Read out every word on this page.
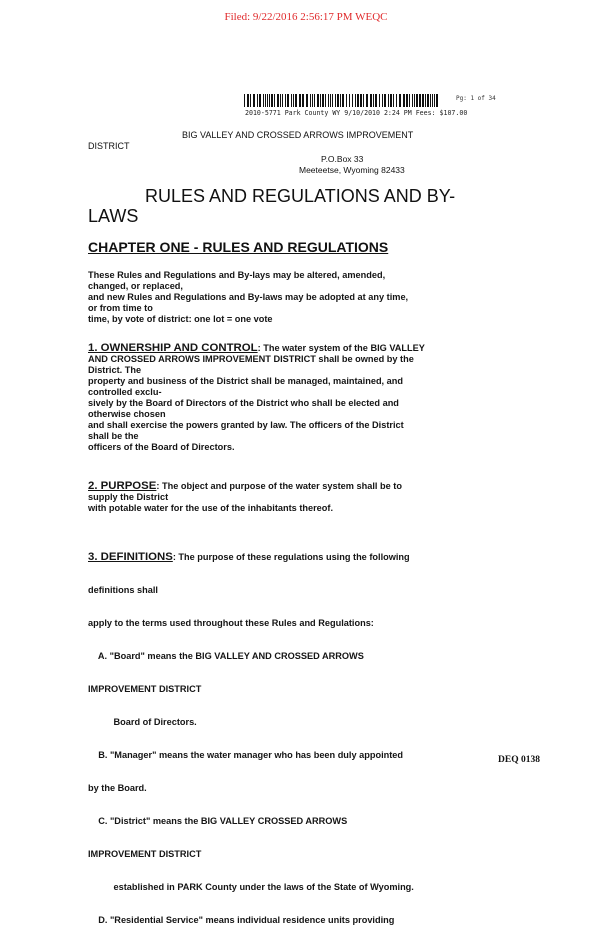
Filed: 9/22/2016 2:56:17 PM WEQC
Pg: 1 of 34
2010-5771 Park County WY 9/10/2010 2:24 PM Fees: $107.00
BIG VALLEY AND CROSSED ARROWS IMPROVEMENT
DISTRICT
P.O.Box 33
Meeteetse, Wyoming 82433
RULES AND REGULATIONS AND BY-
LAWS
CHAPTER ONE - RULES AND REGULATIONS
These Rules and Regulations and By-lays may be altered, amended,
changed, or replaced,
and new Rules and Regulations and By-laws may be adopted at any time,
or from time to
time, by vote of district: one lot = one vote
1. OWNERSHIP AND CONTROL: The water system of the BIG VALLEY
AND CROSSED ARROWS IMPROVEMENT DISTRICT shall be owned by the
District. The
property and business of the District shall be managed, maintained, and
controlled exclu-
sively by the Board of Directors of the District who shall be elected and
otherwise chosen
and shall exercise the powers granted by law. The officers of the District
shall be the
officers of the Board of Directors.
2. PURPOSE: The object and purpose of the water system shall be to
supply the District
with potable water for the use of the inhabitants thereof.

3. DEFINITIONS: The purpose of these regulations using the following

definitions shall

apply to the terms used throughout these Rules and Regulations:

A. "Board" means the BIG VALLEY AND CROSSED ARROWS

IMPROVEMENT DISTRICT

Board of Directors.

B. "Manager" means the water manager who has been duly appointed

by the Board.

C. "District" means the BIG VALLEY CROSSED ARROWS

IMPROVEMENT DISTRICT

established in PARK County under the laws of the State of Wyoming.

D. "Residential Service" means individual residence units providing

DEQ 0138
